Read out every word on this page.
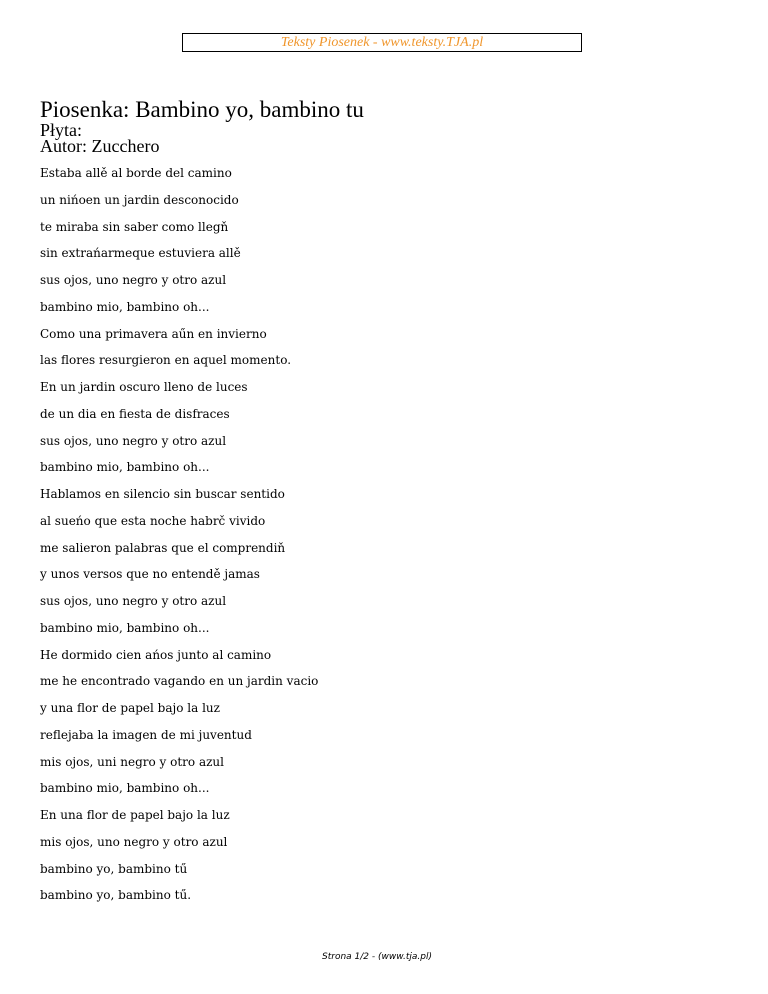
Teksty Piosenek - www.teksty.TJA.pl
Piosenka: Bambino yo, bambino tu
Płyta:
Autor: Zucchero
Estaba allě al borde del camino
un nińoen un jardin desconocido
te miraba sin saber como llegň
sin extrańarmeque estuviera allě
sus ojos, uno negro y otro azul
bambino mio, bambino oh...
Como una primavera aűn en invierno
las flores resurgieron en aquel momento.
En un jardin oscuro lleno de luces
de un dia en fiesta de disfraces
sus ojos, uno negro y otro azul
bambino mio, bambino oh...
Hablamos en silencio sin buscar sentido
al sueńo que esta noche habrč vivido
me salieron palabras que el comprendiň
y unos versos que no entendě jamas
sus ojos, uno negro y otro azul
bambino mio, bambino oh...
He dormido cien ańos junto al camino
me he encontrado vagando en un jardin vacio
y una flor de papel bajo la luz
reflejaba la imagen de mi juventud
mis ojos, uni negro y otro azul
bambino mio, bambino oh...
En una flor de papel bajo la luz
mis ojos, uno negro y otro azul
bambino yo, bambino tű
bambino yo, bambino tű.
Strona 1/2 - (www.tja.pl)
